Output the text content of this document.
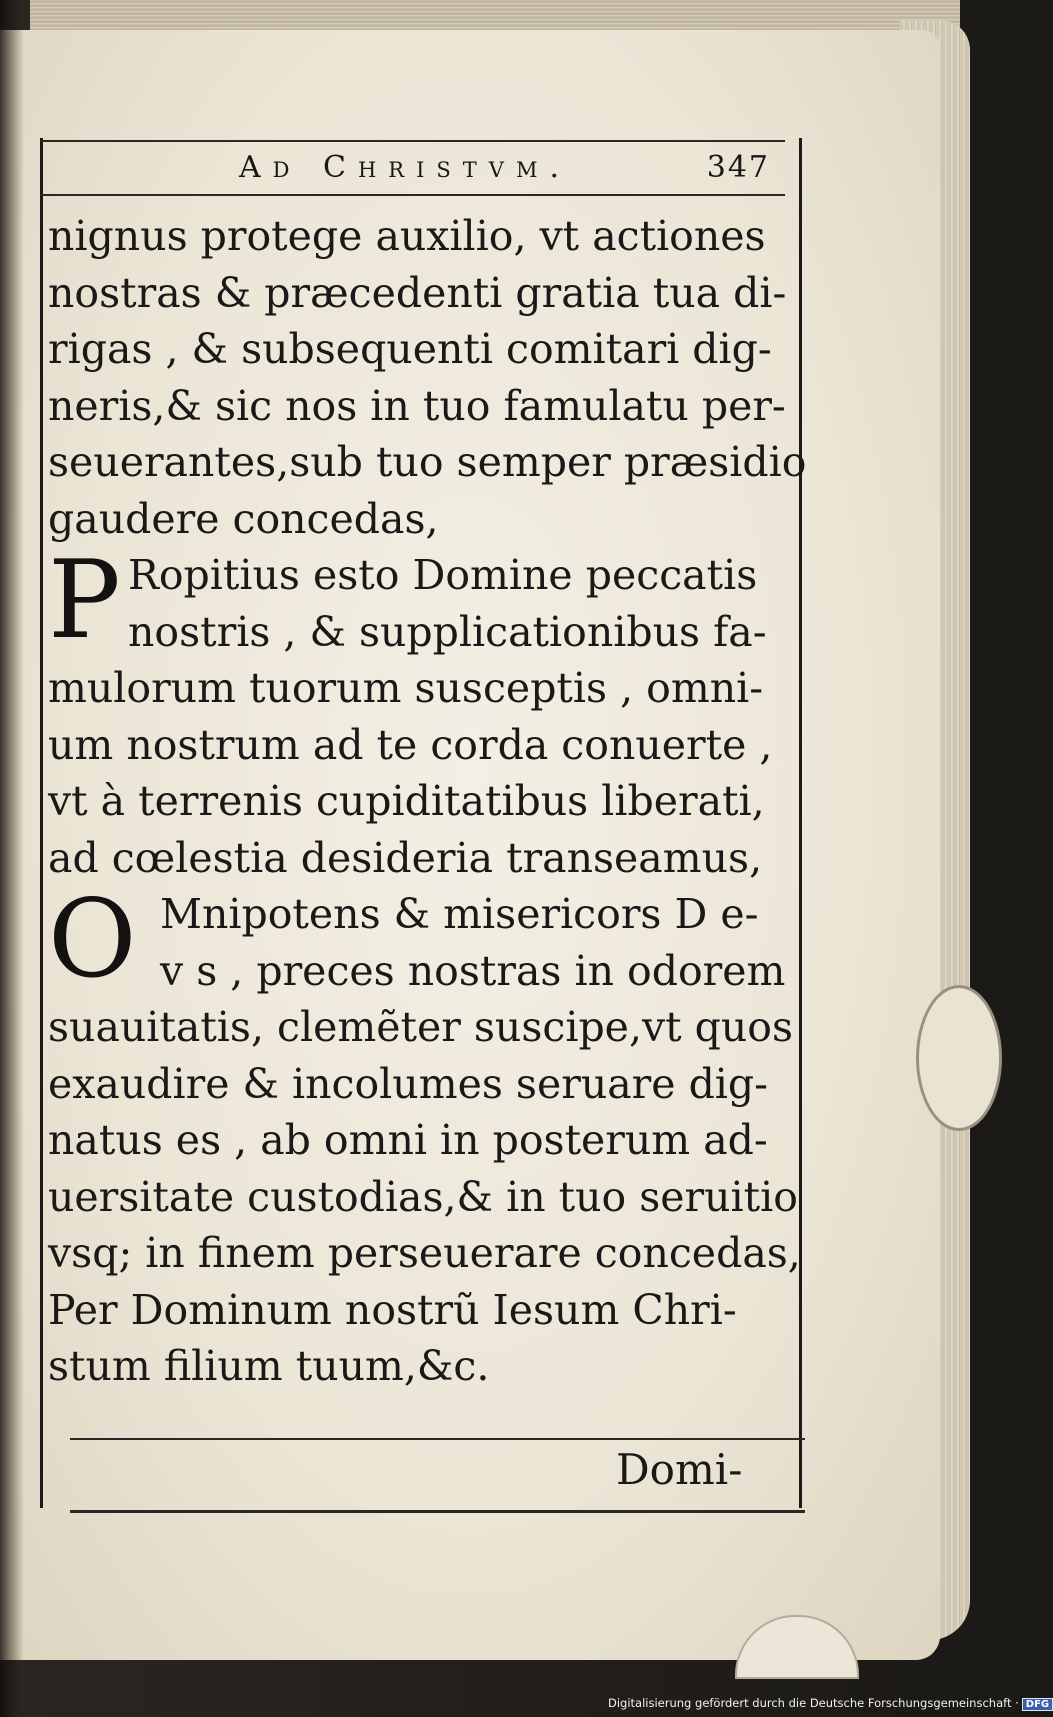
Ad Christvm.	347
nignus protege auxilio, vt actiones
nostras & præcedenti gratia tua di-
rigas , & subsequenti comitari dig-
neris,& sic nos in tuo famulatu per-
seuerantes,sub tuo semper præsidio
gaudere concedas,
P Ropitius esto Domine peccatis
nostris , & supplicationibus fa-
mulorum tuorum susceptis , omni-
um nostrum ad te corda conuerte ,
vt à terrenis cupiditatibus liberati,
ad cœlestia desideria transeamus,
O Mnipotens & misericors D e-
v s , preces nostras in odorem
suauitatis, clemẽter suscipe,vt quos
exaudire & incolumes seruare dig-
natus es , ab omni in posterum ad-
uersitate custodias,& in tuo seruitio
vsq; in finem perseuerare concedas,
Per Dominum nostrũ Iesum Chri-
stum filium tuum,&c.
Domi-
Digitalisierung gefördert durch die Deutsche Forschungsgemeinschaft · DFG
